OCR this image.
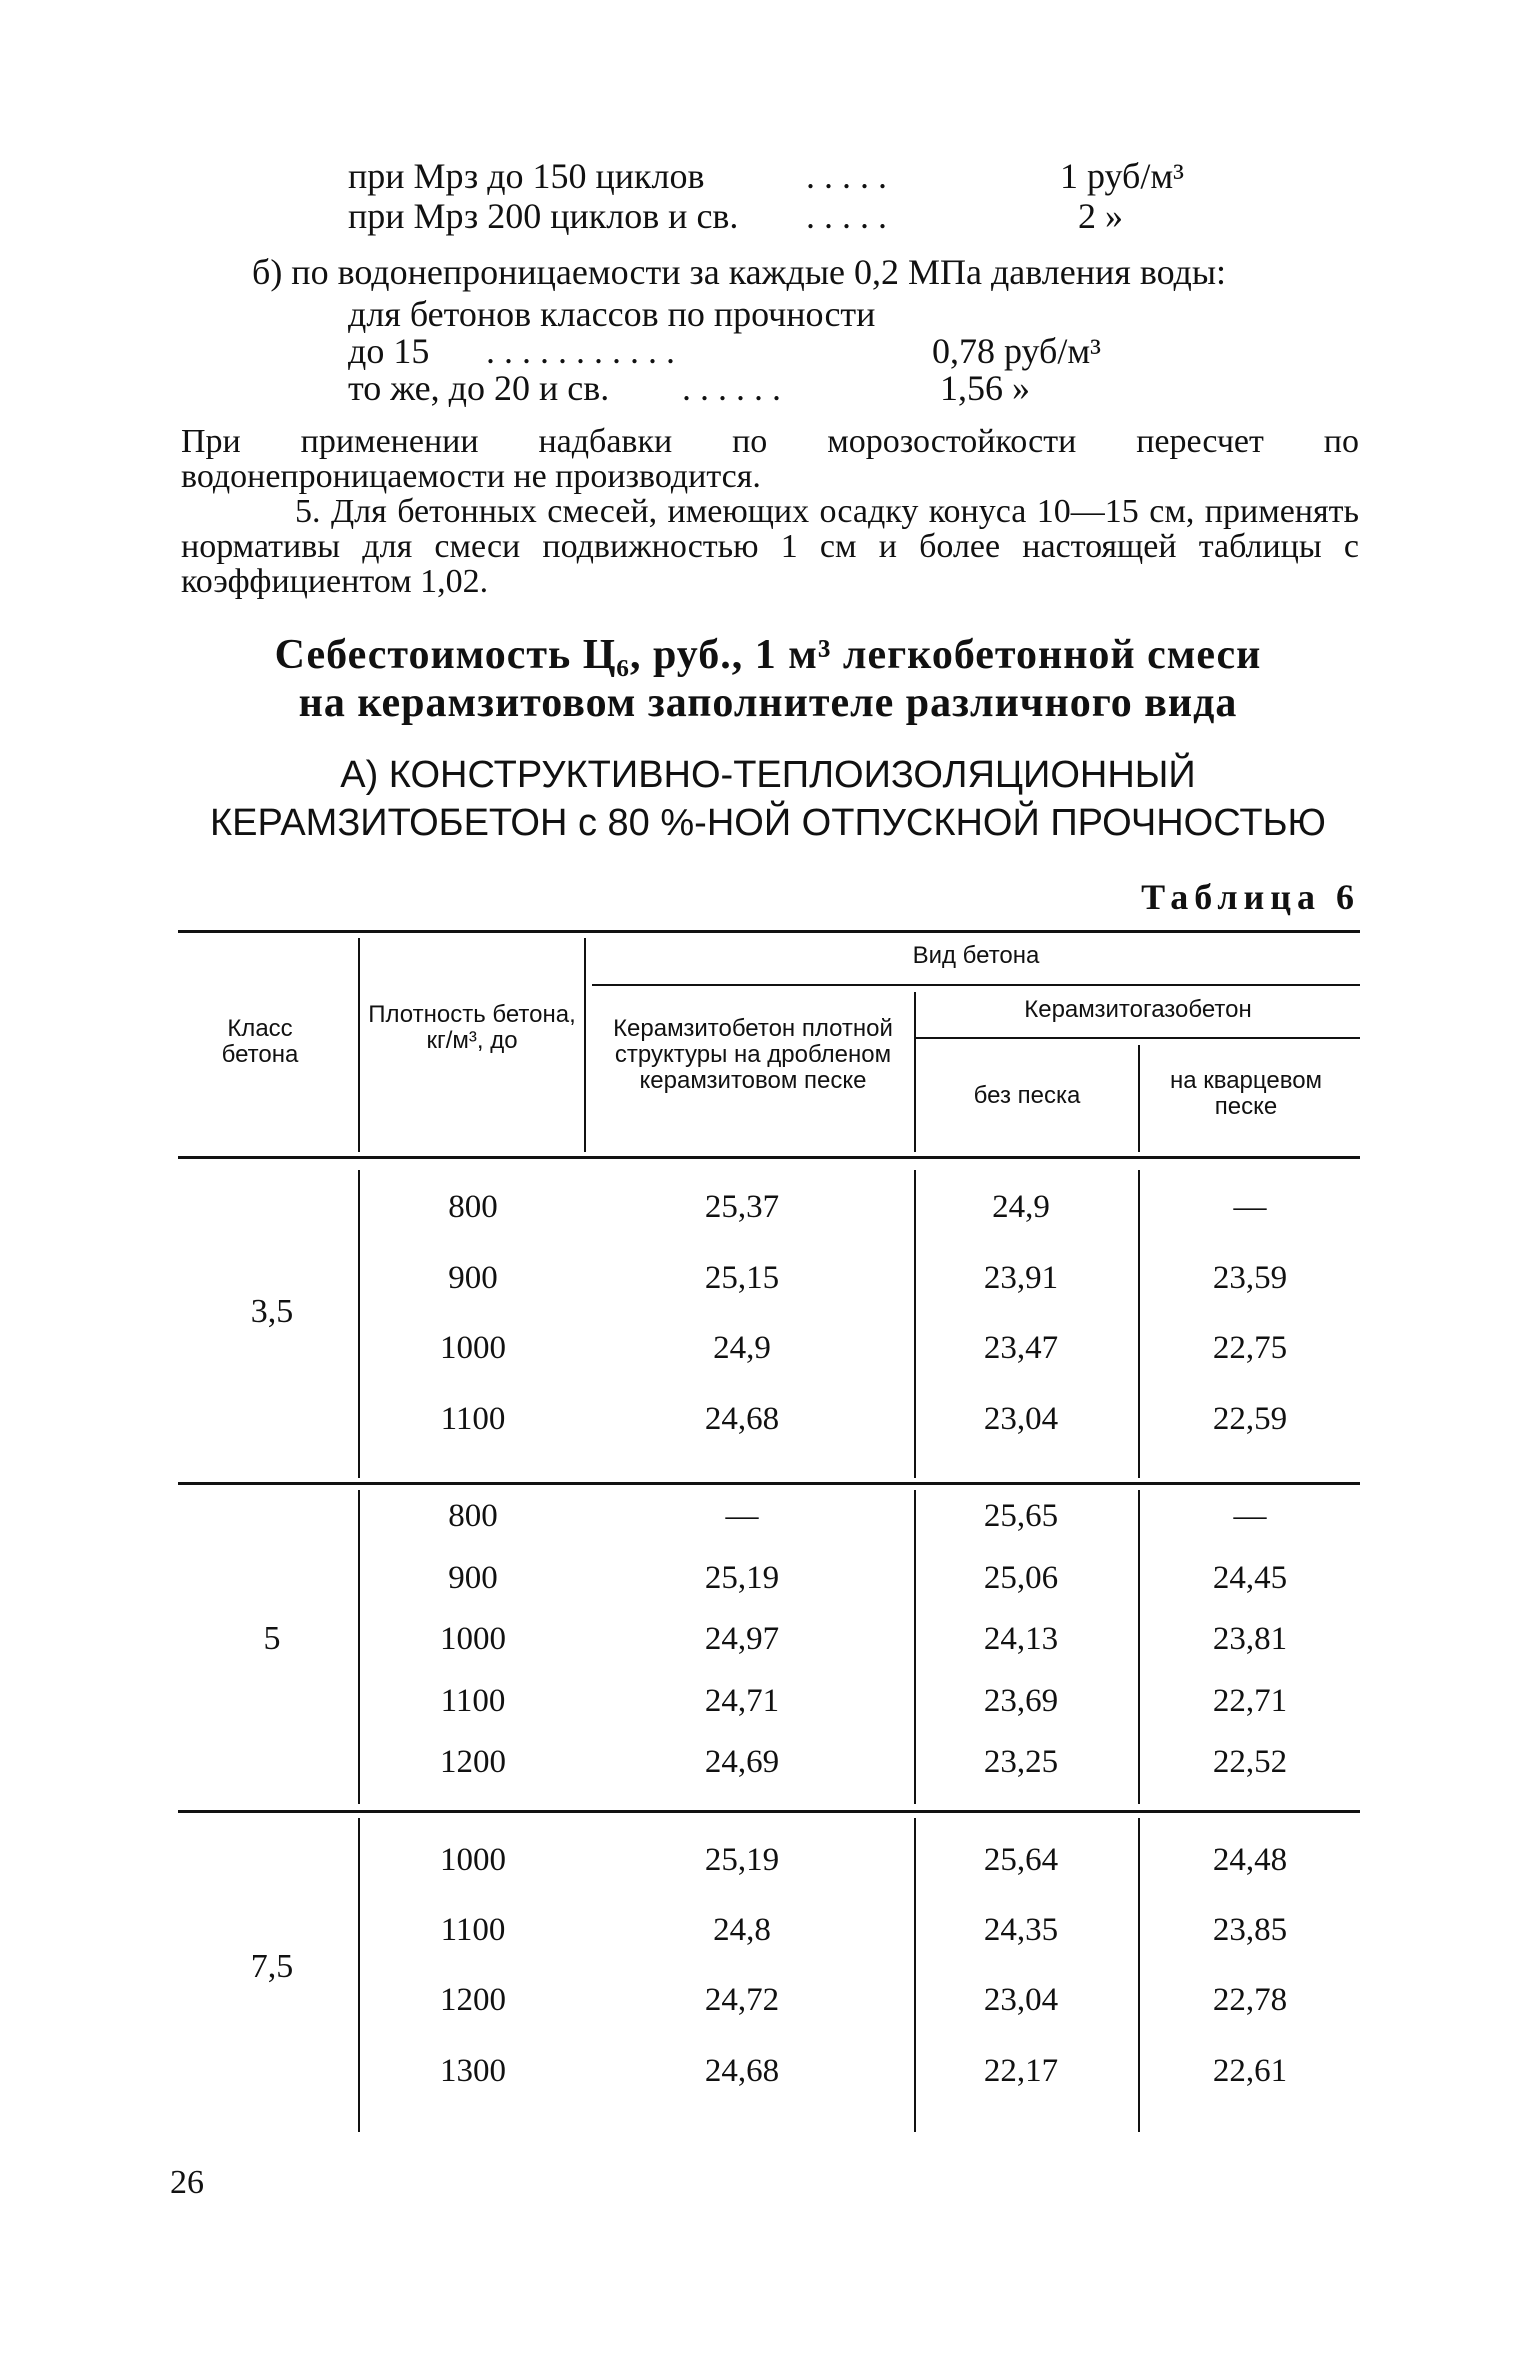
при Мрз до 150 циклов	. . . . .	1 руб/м³
при Мрз 200 циклов и св. . . . . .	2 »
б) по водонепроницаемости за каждые 0,2 МПа давления воды:
для бетонов классов по прочности
до 15 . . . . . . . . . . .	0,78 руб/м³
то же, до 20 и св. . . . . . .	1,56 »
При применении надбавки по морозостойкости пересчет по водонепроницаемости не производится.
5. Для бетонных смесей, имеющих осадку конуса 10—15 см, применять нормативы для смеси подвижностью 1 см и более настоящей таблицы с коэффициентом 1,02.
Себестоимость Ц₆, руб., 1 м³ легкобетонной смеси
на керамзитовом заполнителе различного вида
А) КОНСТРУКТИВНО-ТЕПЛОИЗОЛЯЦИОННЫЙ
КЕРАМЗИТОБЕТОН с 80 %-НОЙ ОТПУСКНОЙ ПРОЧНОСТЬЮ
Таблица 6
Класс бетона
Плотность бетона, кг/м³, до
Вид бетона
Керамзитобетон плотной структуры на дробленом керамзитовом песке
Керамзитогазобетон
без песка
на кварцевом песке
3,5
800	25,37	24,9	—
900	25,15	23,91	23,59
1000	24,9	23,47	22,75
1100	24,68	23,04	22,59
5
800	—	25,65	—
900	25,19	25,06	24,45
1000	24,97	24,13	23,81
1100	24,71	23,69	22,71
1200	24,69	23,25	22,52
7,5
1000	25,19	25,64	24,48
1100	24,8	24,35	23,85
1200	24,72	23,04	22,78
1300	24,68	22,17	22,61
26
